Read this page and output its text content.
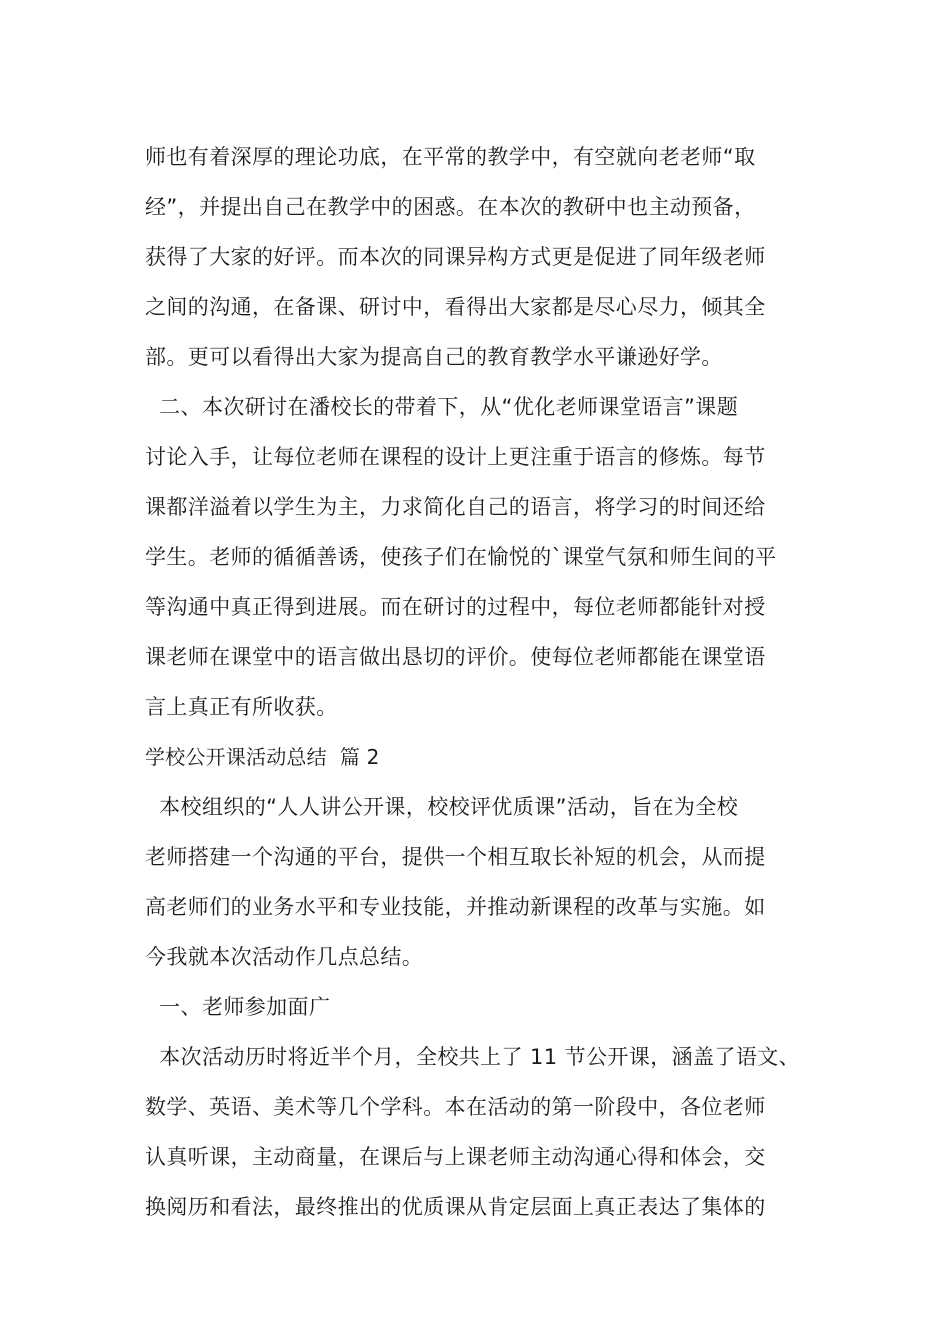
师也有着深厚的理论功底，在平常的教学中，有空就向老老师“取
经”，并提出自己在教学中的困惑。在本次的教研中也主动预备，
获得了大家的好评。而本次的同课异构方式更是促进了同年级老师
之间的沟通，在备课、研讨中，看得出大家都是尽心尽力，倾其全
部。更可以看得出大家为提高自己的教育教学水平谦逊好学。
二、本次研讨在潘校长的带着下，从“优化老师课堂语言”课题
讨论入手，让每位老师在课程的设计上更注重于语言的修炼。每节
课都洋溢着以学生为主，力求简化自己的语言，将学习的时间还给
学生。老师的循循善诱，使孩子们在愉悦的`课堂气氛和师生间的平
等沟通中真正得到进展。而在研讨的过程中，每位老师都能针对授
课老师在课堂中的语言做出恳切的评价。使每位老师都能在课堂语
言上真正有所收获。
学校公开课活动总结  篇 2
本校组织的“人人讲公开课，校校评优质课”活动，旨在为全校
老师搭建一个沟通的平台，提供一个相互取长补短的机会，从而提
高老师们的业务水平和专业技能，并推动新课程的改革与实施。如
今我就本次活动作几点总结。
一、老师参加面广
本次活动历时将近半个月，全校共上了 11 节公开课，涵盖了语文、
数学、英语、美术等几个学科。本在活动的第一阶段中，各位老师
认真听课，主动商量，在课后与上课老师主动沟通心得和体会，交
换阅历和看法，最终推出的优质课从肯定层面上真正表达了集体的
